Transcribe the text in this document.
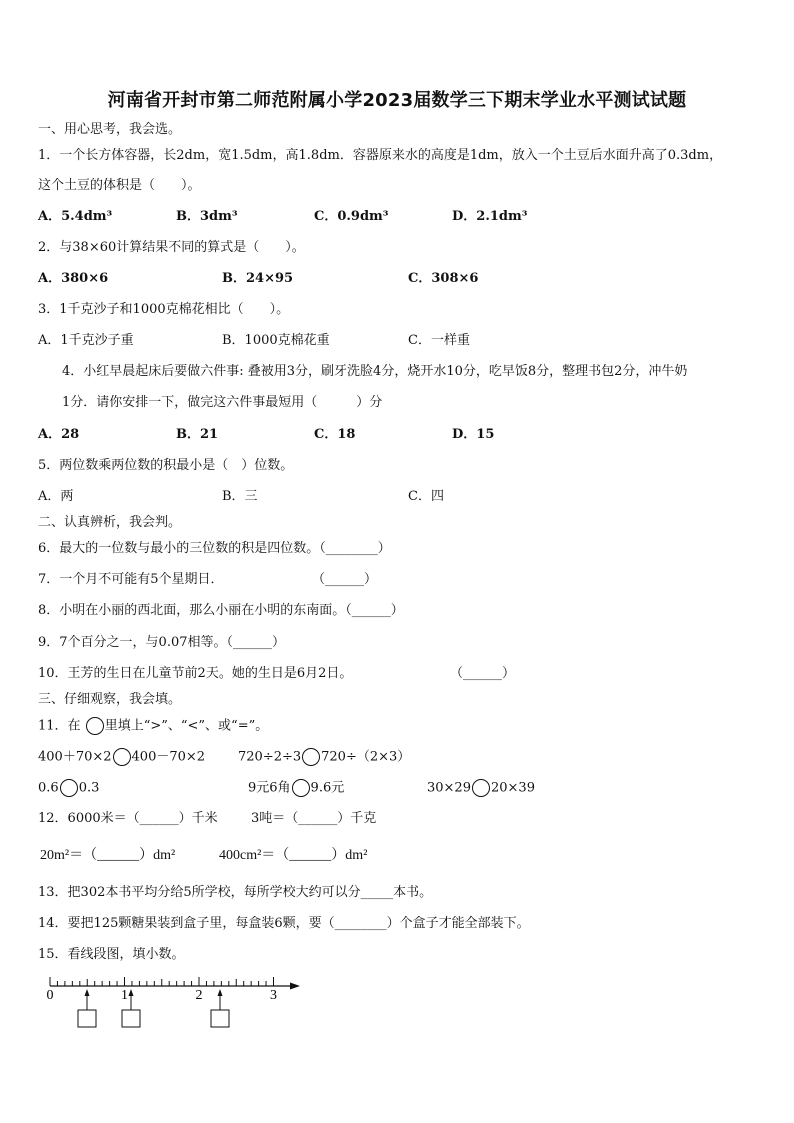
河南省开封市第二师范附属小学2023届数学三下期末学业水平测试试题
一、用心思考，我会选。
1．一个长方体容器，长2dm，宽1.5dm，高1.8dm．容器原来水的高度是1dm，放入一个土豆后水面升高了0.3dm，
这个土豆的体积是（　　）。
A．5.4dm³	B．3dm³	C．0.9dm³	D．2.1dm³
2．与38×60计算结果不同的算式是（　　）。
A．380×6	B．24×95	C．308×6
3．1千克沙子和1000克棉花相比（　　）。
A．1千克沙子重	B．1000克棉花重	C．一样重
4．小红早晨起床后要做六件事: 叠被用3分，刷牙洗脸4分，烧开水10分，吃早饭8分，整理书包2分，冲牛奶
1分．请你安排一下，做完这六件事最短用（　　　）分
A．28	B．21	C．18	D．15
5．两位数乘两位数的积最小是（　）位数。
A．两	B．三	C．四
二、认真辨析，我会判。
6．最大的一位数与最小的三位数的积是四位数。（________）
7．一个月不可能有5个星期日．	（______）
8．小明在小丽的西北面，那么小丽在小明的东南面。（______）
9．7个百分之一，与0.07相等。（______）
10．王芳的生日在儿童节前2天。她的生日是6月2日。	（______）
三、仔细观察，我会填。
11．在 里填上“>”、“<”、或“=”。
400＋70×2 400－70×2	720÷2÷3 720÷（2×3）
0.6 0.3	9元6角 9.6元	30×29 20×39
12．6000米＝（______）千米	3吨＝（______）千克
20m²＝（______）dm²	400cm²＝（______）dm²
13．把302本书平均分给5所学校，每所学校大约可以分_____本书。
14．要把125颗糖果装到盒子里，每盒装6颗，要（________）个盒子才能全部装下。
15．看线段图，填小数。
0	1	2	3
